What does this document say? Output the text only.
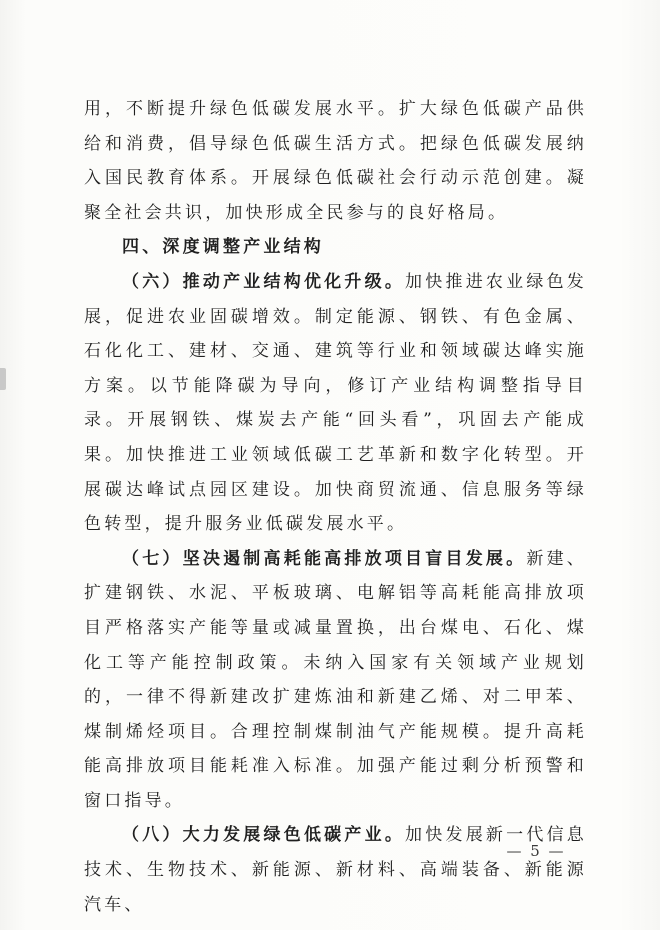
用，不断提升绿色低碳发展水平。扩大绿色低碳产品供给和消费，倡导绿色低碳生活方式。把绿色低碳发展纳入国民教育体系。开展绿色低碳社会行动示范创建。凝聚全社会共识，加快形成全民参与的良好格局。

四、深度调整产业结构

（六）推动产业结构优化升级。加快推进农业绿色发展，促进农业固碳增效。制定能源、钢铁、有色金属、石化化工、建材、交通、建筑等行业和领域碳达峰实施方案。以节能降碳为导向，修订产业结构调整指导目录。开展钢铁、煤炭去产能“回头看”，巩固去产能成果。加快推进工业领域低碳工艺革新和数字化转型。开展碳达峰试点园区建设。加快商贸流通、信息服务等绿色转型，提升服务业低碳发展水平。

（七）坚决遏制高耗能高排放项目盲目发展。新建、扩建钢铁、水泥、平板玻璃、电解铝等高耗能高排放项目严格落实产能等量或减量置换，出台煤电、石化、煤化工等产能控制政策。未纳入国家有关领域产业规划的，一律不得新建改扩建炼油和新建乙烯、对二甲苯、煤制烯烃项目。合理控制煤制油气产能规模。提升高耗能高排放项目能耗准入标准。加强产能过剩分析预警和窗口指导。

（八）大力发展绿色低碳产业。加快发展新一代信息技术、生物技术、新能源、新材料、高端装备、新能源汽车、

— 5 —
